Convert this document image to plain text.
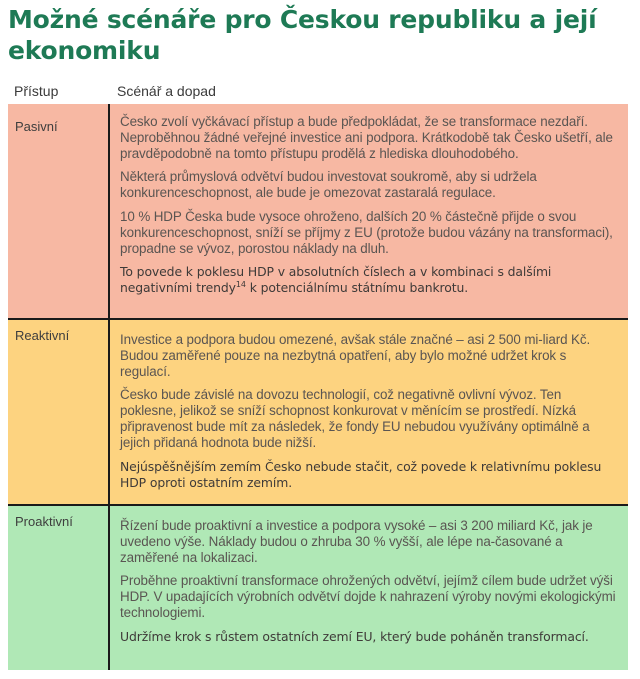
Možné scénáře pro Českou republiku a její ekonomiku
Přístup	Scénář a dopad
Pasivní	Česko zvolí vyčkávací přístup a bude předpokládat, že se transformace nezdaří. Neproběhnou žádné veřejné investice ani podpora. Krátkodobě tak Česko ušetří, ale pravděpodobně na tomto přístupu prodělá z hlediska dlouhodobého.

Některá průmyslová odvětví budou investovat soukromě, aby si udržela konkurenceschopnost, ale bude je omezovat zastaralá regulace.

10 % HDP Česka bude vysoce ohroženo, dalších 20 % částečně přijde o svou konkurenceschopnost, sníží se příjmy z EU (protože budou vázány na transformaci), propadne se vývoz, porostou náklady na dluh.

To povede k poklesu HDP v absolutních číslech a v kombinaci s dalšími negativními trendy$^{14}$ k potenciálnímu státnímu bankrotu.

Reaktivní	Investice a podpora budou omezené, avšak stále značné – asi 2 500 mi-liard Kč. Budou zaměřené pouze na nezbytná opatření, aby bylo možné udržet krok s regulací.

Česko bude závislé na dovozu technologií, což negativně ovlivní vývoz. Ten poklesne, jelikož se sníží schopnost konkurovat v měnícím se prostředí. Nízká připravenost bude mít za následek, že fondy EU nebudou využívány optimálně a jejich přidaná hodnota bude nižší.

Nejúspěšnějším zemím Česko nebude stačit, což povede k relativnímu poklesu HDP oproti ostatním zemím.

Proaktivní	Řízení bude proaktivní a investice a podpora vysoké – asi 3 200 miliard Kč, jak je uvedeno výše. Náklady budou o zhruba 30 % vyšší, ale lépe na-časované a zaměřené na lokalizaci.

Proběhne proaktivní transformace ohrožených odvětví, jejímž cílem bude udržet výši HDP. V upadajících výrobních odvětví dojde k nahrazení výroby novými ekologickými technologiemi.

Udržíme krok s růstem ostatních zemí EU, který bude poháněn transformací.
